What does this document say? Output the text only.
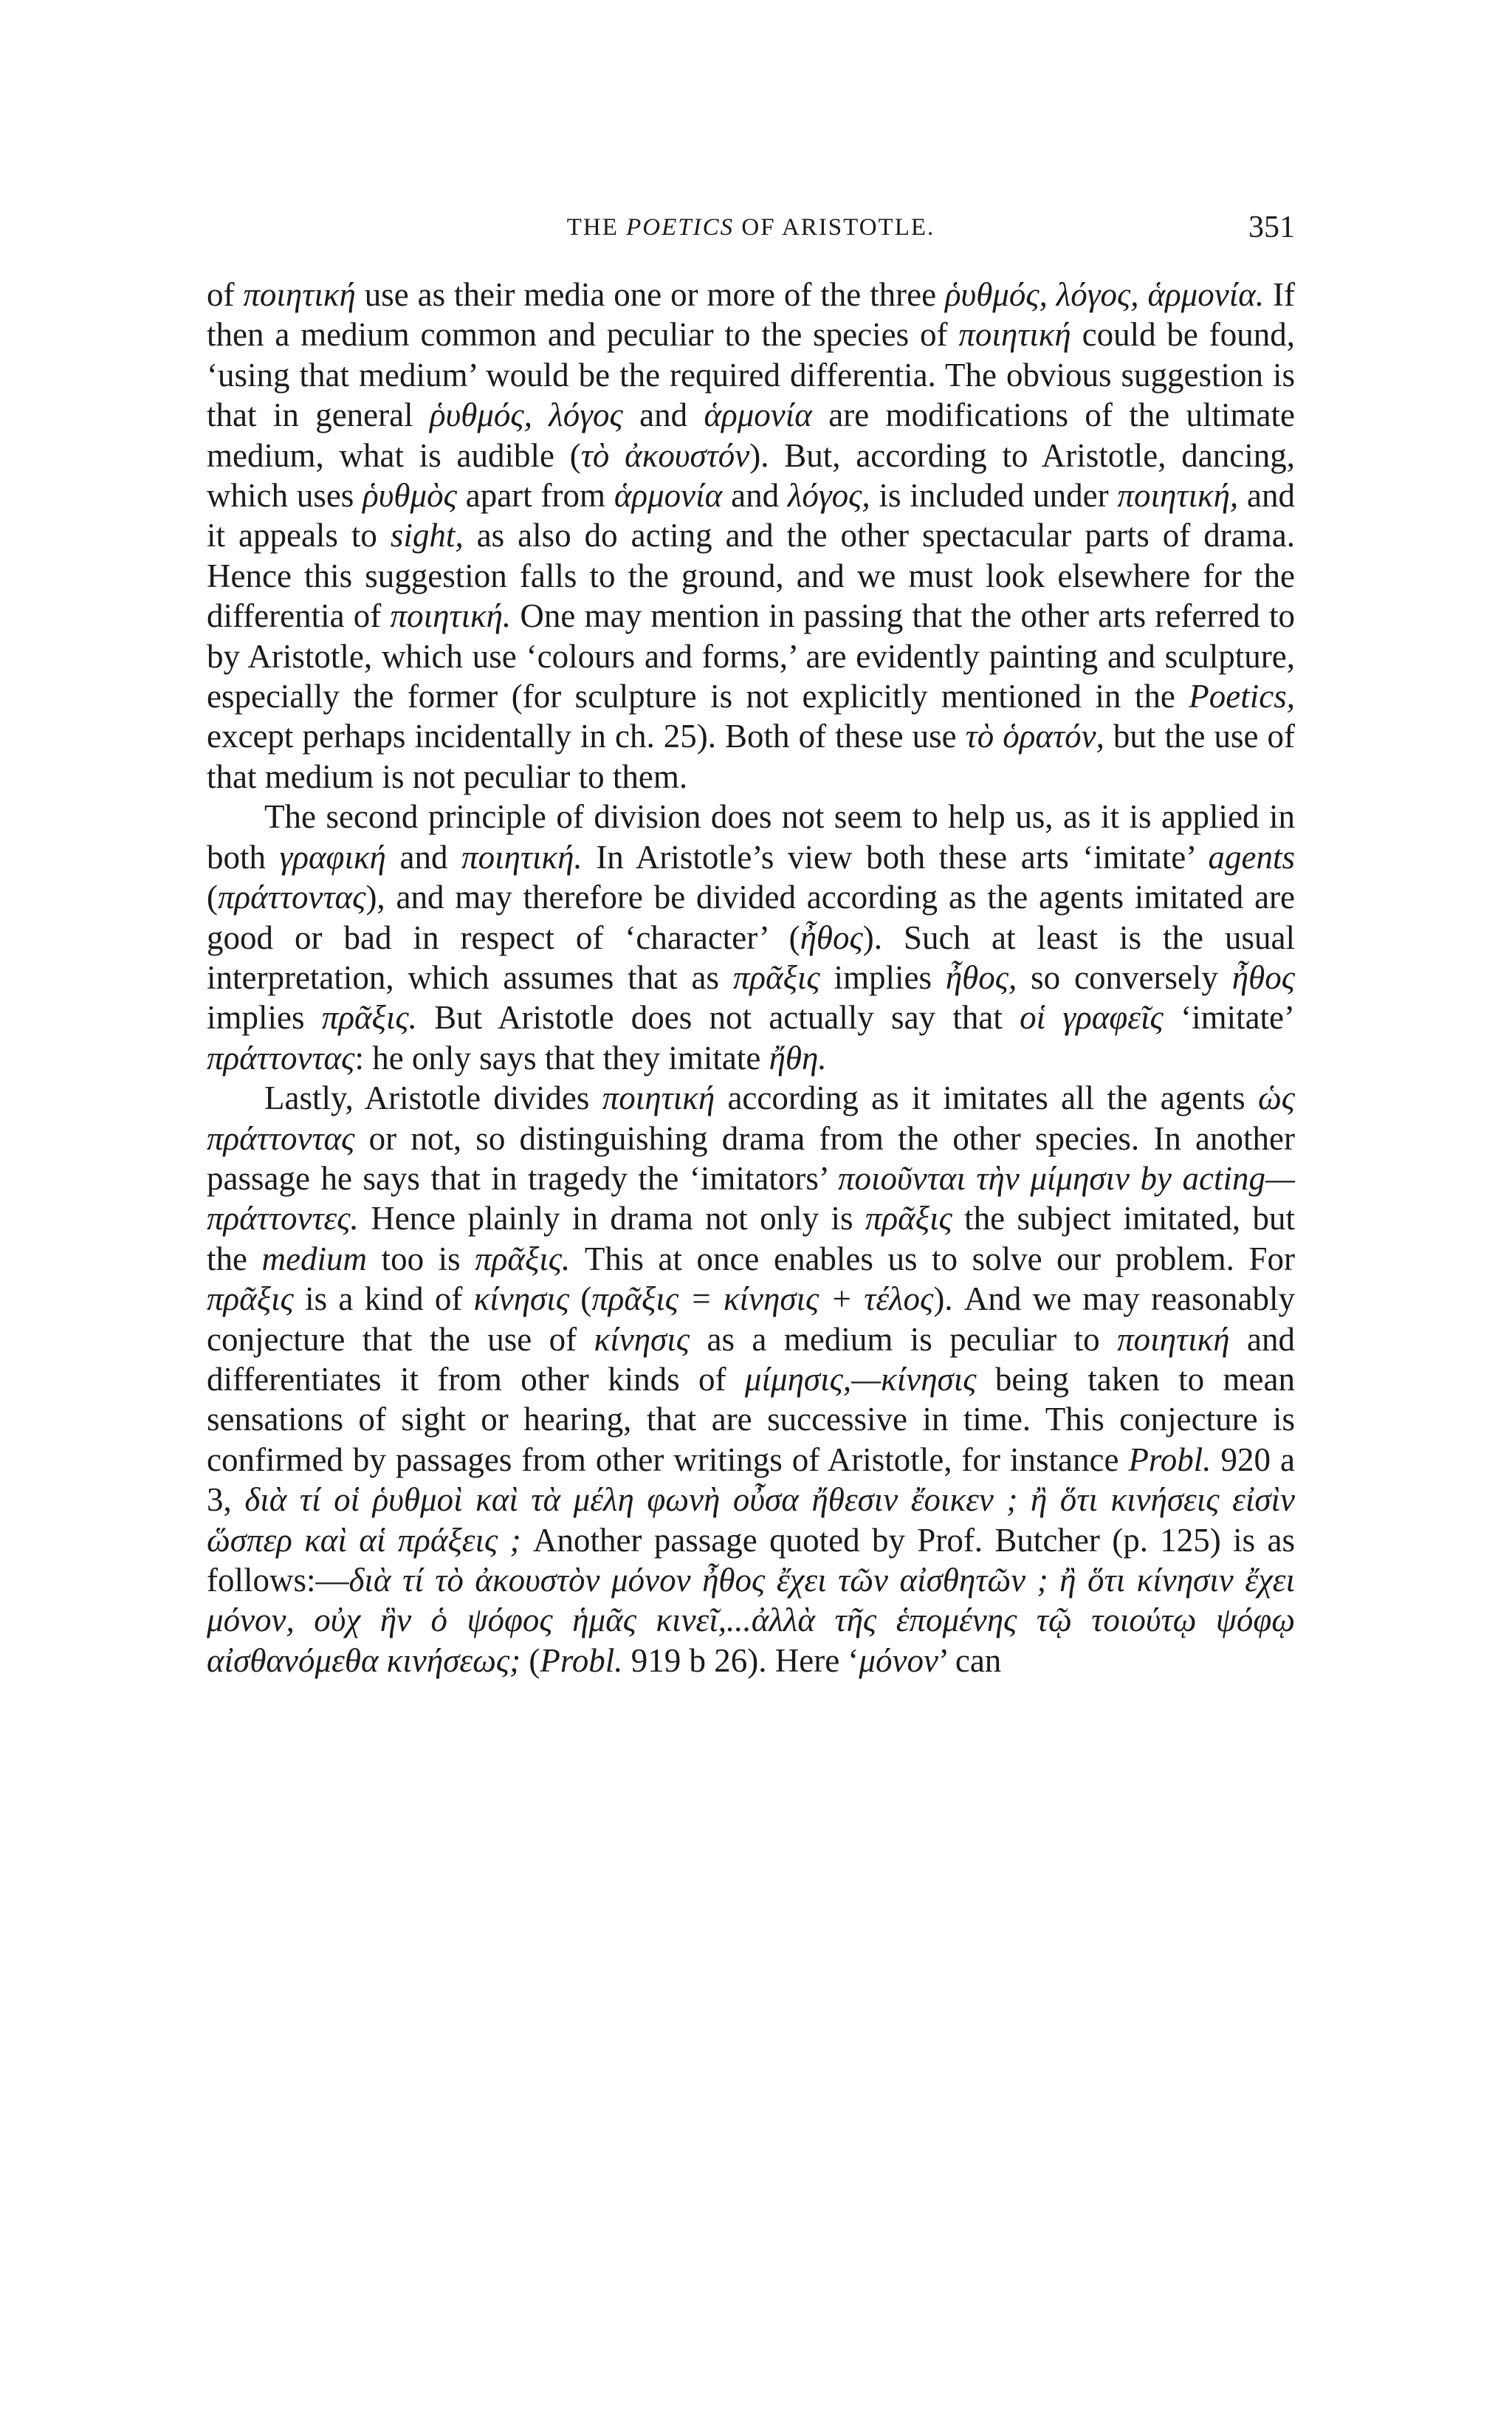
THE POETICS OF ARISTOTLE.	351

of ποιητική use as their media one or more of the three ῥυθμός, λόγος, ἁρμονία. If then a medium common and peculiar to the species of ποιητική could be found, ‘using that medium’ would be the required differentia. The obvious suggestion is that in general ῥυθμός, λόγος and ἁρμονία are modifications of the ultimate medium, what is audible (τὸ ἀκουστόν). But, according to Aristotle, dancing, which uses ῥυθμὸς apart from ἁρμονία and λόγος, is included under ποιητική, and it appeals to sight, as also do acting and the other spectacular parts of drama. Hence this suggestion falls to the ground, and we must look elsewhere for the differentia of ποιητική. One may mention in passing that the other arts referred to by Aristotle, which use ‘colours and forms,’ are evidently painting and sculpture, especially the former (for sculpture is not explicitly mentioned in the Poetics, except perhaps incidentally in ch. 25). Both of these use τὸ ὁρατόν, but the use of that medium is not peculiar to them.

The second principle of division does not seem to help us, as it is applied in both γραφική and ποιητική. In Aristotle’s view both these arts ‘imitate’ agents (πράττοντας), and may therefore be divided according as the agents imitated are good or bad in respect of ‘character’ (ἦθος). Such at least is the usual interpretation, which assumes that as πρᾶξις implies ἦθος, so conversely ἦθος implies πρᾶξις. But Aristotle does not actually say that οἱ γραφεῖς ‘imitate’ πράττοντας: he only says that they imitate ἤθη.

Lastly, Aristotle divides ποιητική according as it imitates all the agents ὡς πράττοντας or not, so distinguishing drama from the other species. In another passage he says that in tragedy the ‘imitators’ ποιοῦνται τὴν μίμησιν by acting—πράττοντες. Hence plainly in drama not only is πρᾶξις the subject imitated, but the medium too is πρᾶξις. This at once enables us to solve our problem. For πρᾶξις is a kind of κίνησις (πρᾶξις = κίνησις + τέλος). And we may reasonably conjecture that the use of κίνησις as a medium is peculiar to ποιητική and differentiates it from other kinds of μίμησις,—κίνησις being taken to mean sensations of sight or hearing, that are successive in time. This conjecture is confirmed by passages from other writings of Aristotle, for instance Probl. 920 a 3, διὰ τί οἱ ῥυθμοὶ καὶ τὰ μέλη φωνὴ οὖσα ἤθεσιν ἔοικεν ; ἢ ὅτι κινήσεις εἰσὶν ὥσπερ καὶ αἱ πράξεις ; Another passage quoted by Prof. Butcher (p. 125) is as follows:—διὰ τί τὸ ἀκουστὸν μόνον ἦθος ἔχει τῶν αἰσθητῶν ; ἢ ὅτι κίνησιν ἔχει μόνον, οὐχ ἣν ὁ ψόφος ἡμᾶς κινεῖ,...ἀλλὰ τῆς ἑπομένης τῷ τοιούτῳ ψόφῳ αἰσθανόμεθα κινήσεως; (Probl. 919 b 26). Here ‘μόνον’ can
